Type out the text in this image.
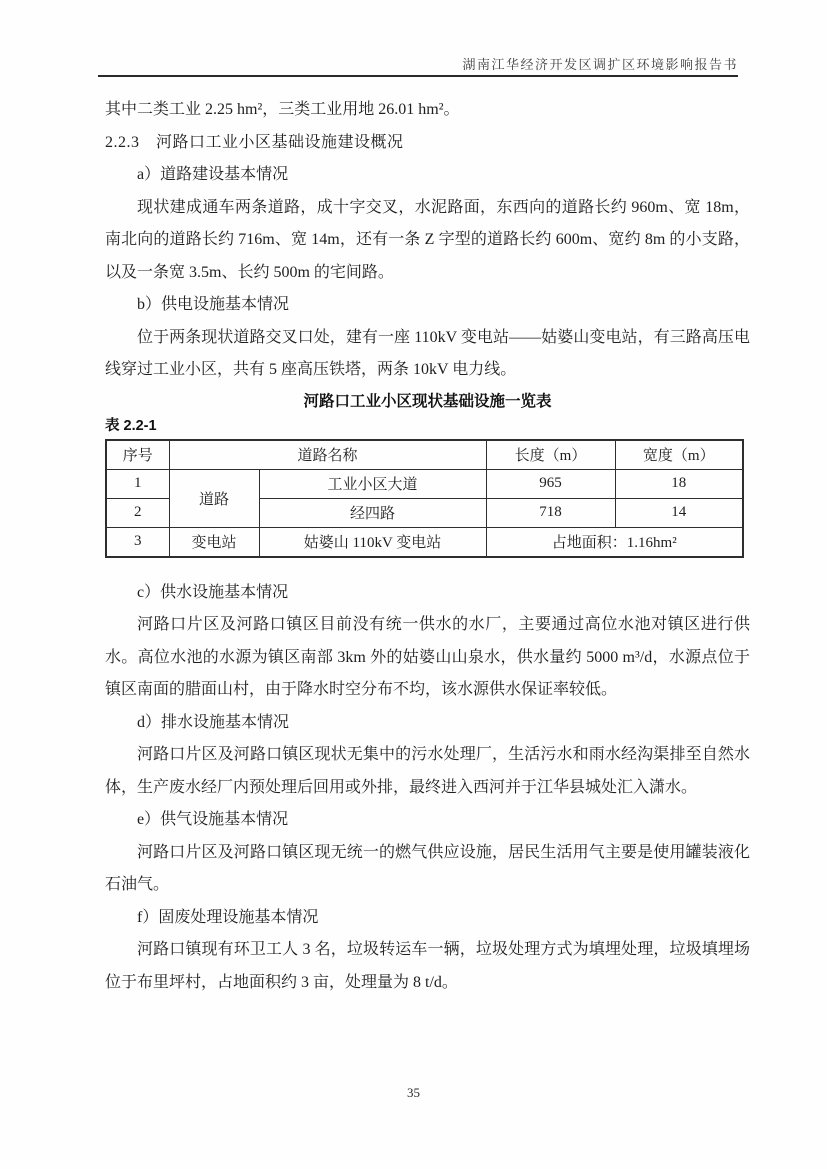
湖南江华经济开发区调扩区环境影响报告书

其中二类工业 2.25 hm²，三类工业用地 26.01 hm²。

2.2.3　河路口工业小区基础设施建设概况

a）道路建设基本情况

现状建成通车两条道路，成十字交叉，水泥路面，东西向的道路长约 960m、宽 18m，南北向的道路长约 716m、宽 14m，还有一条 Z 字型的道路长约 600m、宽约 8m 的小支路，以及一条宽 3.5m、长约 500m 的宅间路。

b）供电设施基本情况

位于两条现状道路交叉口处，建有一座 110kV 变电站——姑婆山变电站，有三路高压电线穿过工业小区，共有 5 座高压铁塔，两条 10kV 电力线。

河路口工业小区现状基础设施一览表

表 2.2-1

序号	道路名称		长度（m）	宽度（m）
1	道路	工业小区大道	965	18
2		经四路	718	14
3	变电站	姑婆山 110kV 变电站	占地面积：1.16hm²	

c）供水设施基本情况

河路口片区及河路口镇区目前没有统一供水的水厂，主要通过高位水池对镇区进行供水。高位水池的水源为镇区南部 3km 外的姑婆山山泉水，供水量约 5000 m³/d，水源点位于镇区南面的腊面山村，由于降水时空分布不均，该水源供水保证率较低。

d）排水设施基本情况

河路口片区及河路口镇区现状无集中的污水处理厂，生活污水和雨水经沟渠排至自然水体，生产废水经厂内预处理后回用或外排，最终进入西河并于江华县城处汇入潇水。

e）供气设施基本情况

河路口片区及河路口镇区现无统一的燃气供应设施，居民生活用气主要是使用罐装液化石油气。

f）固废处理设施基本情况

河路口镇现有环卫工人 3 名，垃圾转运车一辆，垃圾处理方式为填埋处理，垃圾填埋场位于布里坪村，占地面积约 3 亩，处理量为 8 t/d。

35
